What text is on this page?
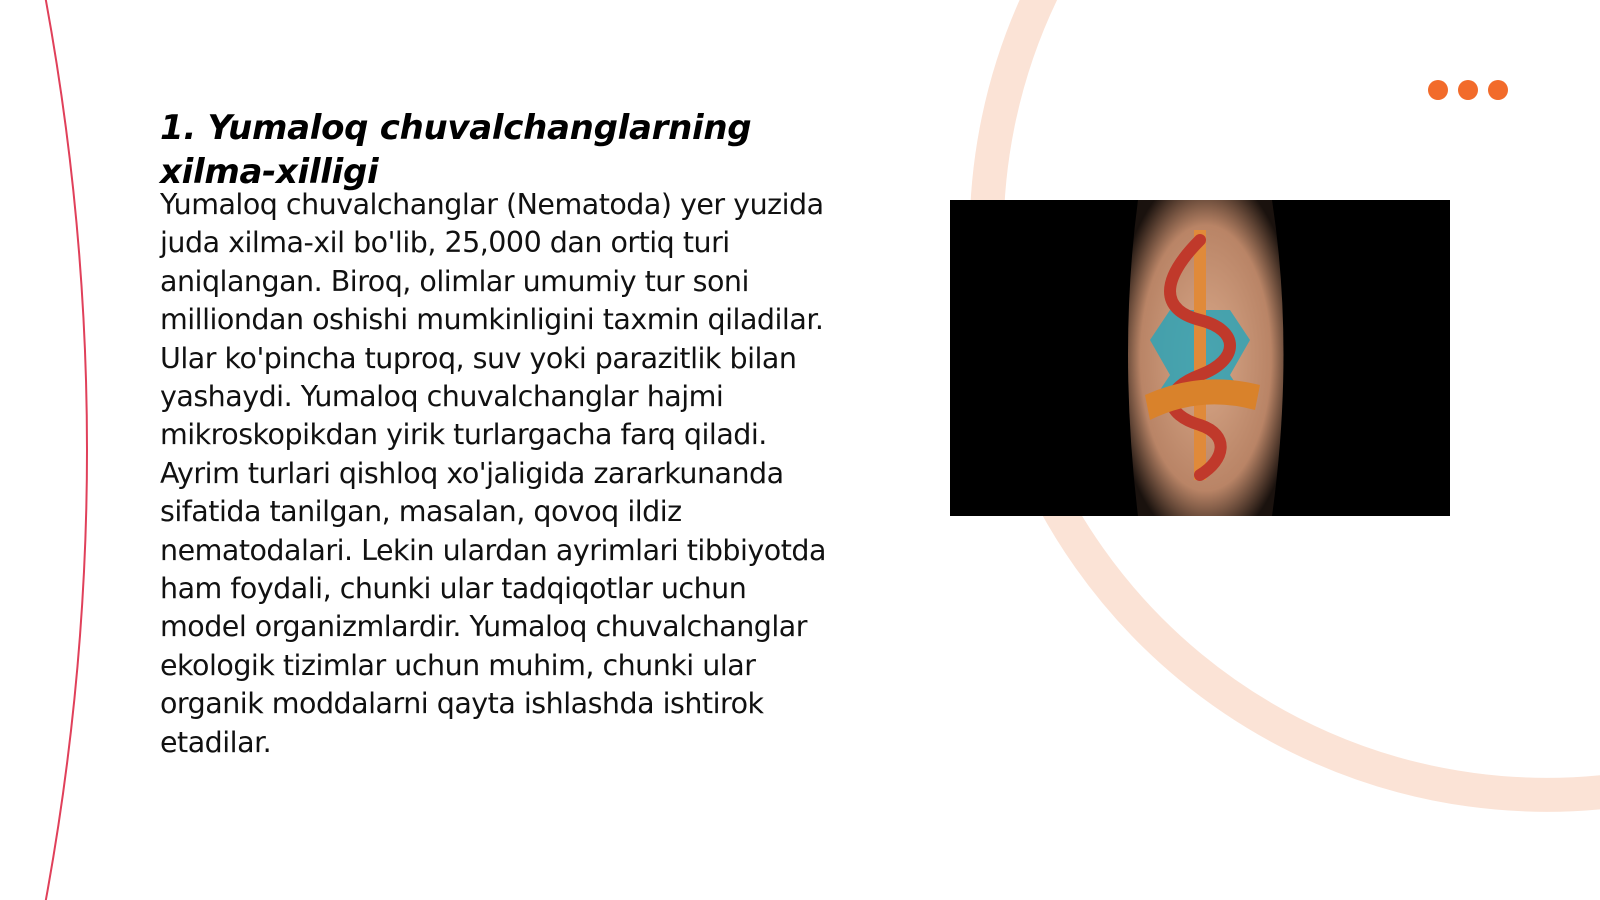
1. Yumaloq chuvalchanglarning xilma-xilligi

Yumaloq chuvalchanglar (Nematoda) yer yuzida juda xilma-xil bo'lib, 25,000 dan ortiq turi aniqlangan. Biroq, olimlar umumiy tur soni milliondan oshishi mumkinligini taxmin qiladilar. Ular ko'pincha tuproq, suv yoki parazitlik bilan yashaydi. Yumaloq chuvalchanglar hajmi mikroskopikdan yirik turlargacha farq qiladi. Ayrim turlari qishloq xo'jaligida zararkunanda sifatida tanilgan, masalan, qovoq ildiz nematodalari. Lekin ulardan ayrimlari tibbiyotda ham foydali, chunki ular tadqiqotlar uchun model organizmlardir. Yumaloq chuvalchanglar ekologik tizimlar uchun muhim, chunki ular organik moddalarni qayta ishlashda ishtirok etadilar.
